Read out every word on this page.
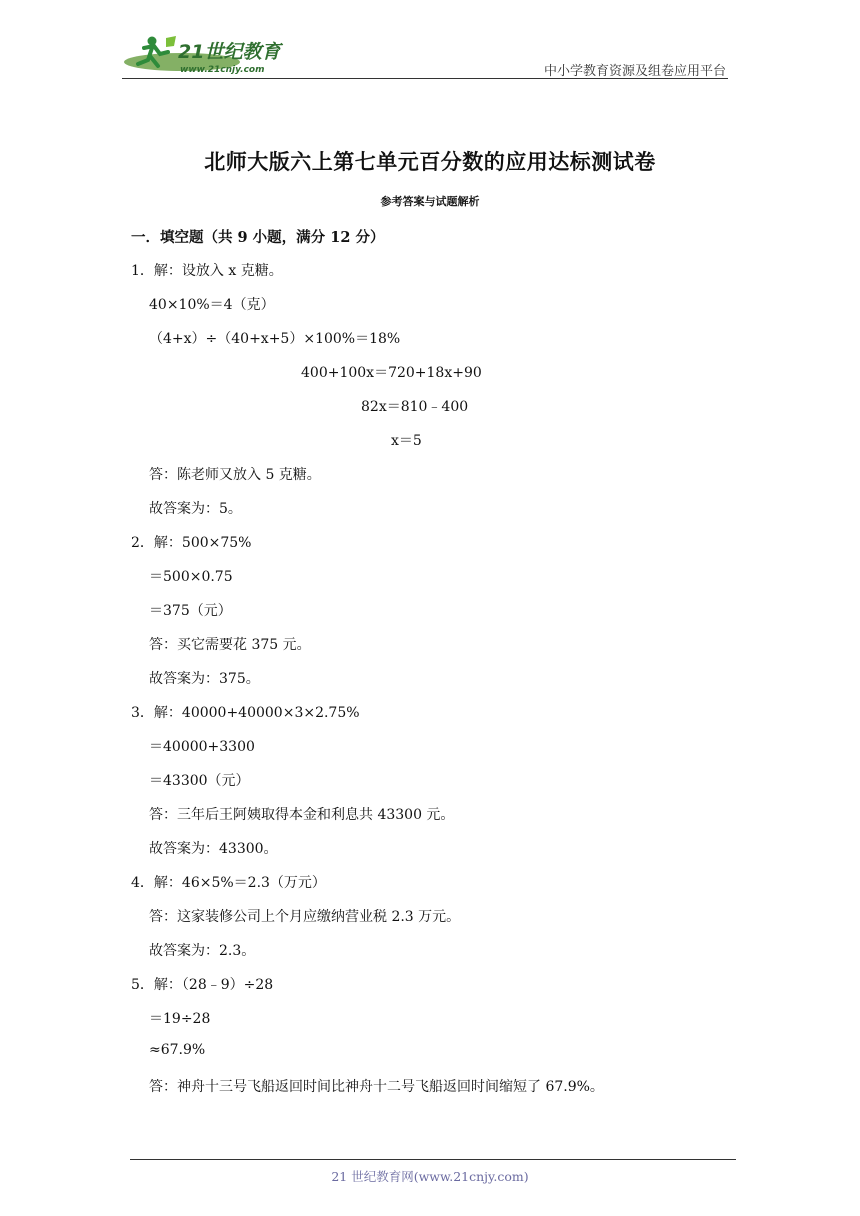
21世纪教育
www.21cnjy.com	中小学教育资源及组卷应用平台
北师大版六上第七单元百分数的应用达标测试卷
参考答案与试题解析
一．填空题（共 9 小题，满分 12 分）
1．解：设放入 x 克糖。
40×10%＝4（克）
（4+x）÷（40+x+5）×100%＝18%
400+100x＝720+18x+90
82x＝810﹣400
x＝5
答：陈老师又放入 5 克糖。
故答案为：5。
2．解：500×75%
＝500×0.75
＝375（元）
答：买它需要花 375 元。
故答案为：375。
3．解：40000+40000×3×2.75%
＝40000+3300
＝43300（元）
答：三年后王阿姨取得本金和利息共 43300 元。
故答案为：43300。
4．解：46×5%＝2.3（万元）
答：这家装修公司上个月应缴纳营业税 2.3 万元。
故答案为：2.3。
5．解：（28﹣9）÷28
＝19÷28
≈67.9%
答：神舟十三号飞船返回时间比神舟十二号飞船返回时间缩短了 67.9%。
21 世纪教育网(www.21cnjy.com)
